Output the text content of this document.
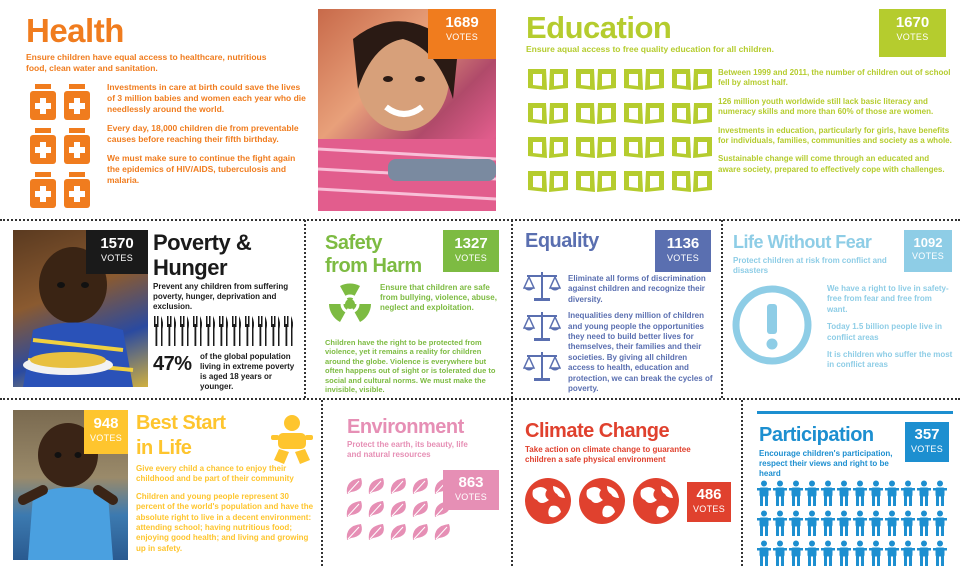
Health
Ensure children have equal access to healthcare, nutritious food, clean water and sanitation.

Investments in care at birth could save the lives of 3 million babies and women each year who die needlessly around the world.

Every day, 18,000 children die from preventable causes before reaching their fifth birthday.

We must make sure to continue the fight again the epidemics of HIV/AIDS, tuberculosis and malaria.

1689
VOTES	Education
Ensure aqual access to free quality education for all children.
1670
VOTES

Between 1999 and 2011, the number of children out of school fell by almost half.

126 million youth worldwide still lack basic literacy and numeracy skills and more than 60% of those are women.

Investments in education, particularly for girls, have benefits for individuals, families, communities and society as a whole.

Sustainable change will come through an educated and aware society, prepared to effectively cope with challenges.

1570
VOTES
Poverty &
Hunger
Prevent any children from suffering poverty, hunger, deprivation and exclusion.
47% of the global population living in extreme poverty is aged 18 years or younger.
Safety
from Harm
1327
VOTES
Ensure that children are safe from bullying, violence, abuse, neglect and exploitation.
Children have the right to be protected from violence, yet it remains a reality for children around the globe. Violence is everywhere but often happens out of sight or is tolerated due to social and cultural norms. We must make the invisible, visible.
Equality	1136
VOTES

Eliminate all forms of discrimination against children and recognize their diversity.

Inequalities deny million of children and young people the opportunities they need to build better lives for themselves, their families and their societies. By giving all children access to health, education and protection, we can break the cycles of poverty.

Life Without Fear	1092
VOTES
Protect children at risk from conflict and disasters

We have a right to live in safety- free from fear and free from want.

Today 1.5 billion people live in conflict areas

It is children who suffer the most in conflict areas

948
VOTES
Best Start
in Life

Give every child a chance to enjoy their childhood and be part of their community

Children and young people represent 30 percent of the world's population and have the absolute right to live in a decent environment: attending school; having nutritious food; enjoying good health; and living and growing up in safety.

Environment
Protect the earth, its beauty, life and natural resources
863
VOTES
Climate Change
Take action on climate change to guarantee children a safe physical environment
486
VOTES
Participation	357
VOTES
Encourage children's participation, respect their views and right to be heard
